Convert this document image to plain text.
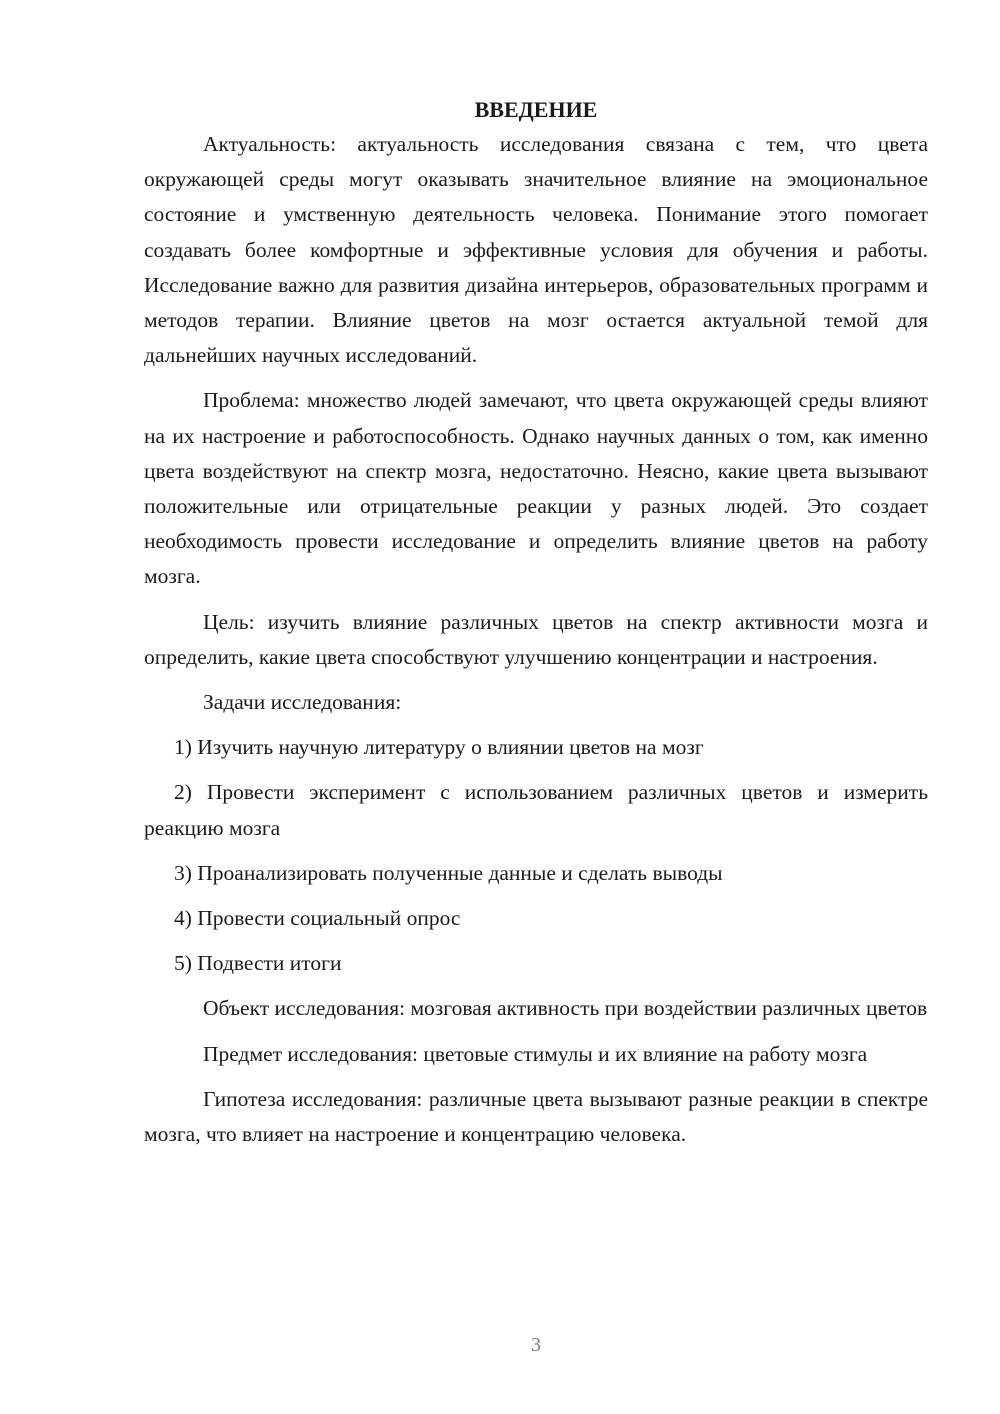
ВВЕДЕНИЕ

Актуальность: актуальность исследования связана с тем, что цвета окружающей среды могут оказывать значительное влияние на эмоциональное состояние и умственную деятельность человека. Понимание этого помогает создавать более комфортные и эффективные условия для обучения и работы. Исследование важно для развития дизайна интерьеров, образовательных программ и методов терапии. Влияние цветов на мозг остается актуальной темой для дальнейших научных исследований.

Проблема: множество людей замечают, что цвета окружающей среды влияют на их настроение и работоспособность. Однако научных данных о том, как именно цвета воздействуют на спектр мозга, недостаточно. Неясно, какие цвета вызывают положительные или отрицательные реакции у разных людей. Это создает необходимость провести исследование и определить влияние цветов на работу мозга.

Цель: изучить влияние различных цветов на спектр активности мозга и определить, какие цвета способствуют улучшению концентрации и настроения.

Задачи исследования:

1) Изучить научную литературу о влиянии цветов на мозг

2) Провести эксперимент с использованием различных цветов и измерить реакцию мозга

3) Проанализировать полученные данные и сделать выводы

4) Провести социальный опрос

5) Подвести итоги

Объект исследования: мозговая активность при воздействии различных цветов

Предмет исследования: цветовые стимулы и их влияние на работу мозга

Гипотеза исследования: различные цвета вызывают разные реакции в спектре мозга, что влияет на настроение и концентрацию человека.

3
